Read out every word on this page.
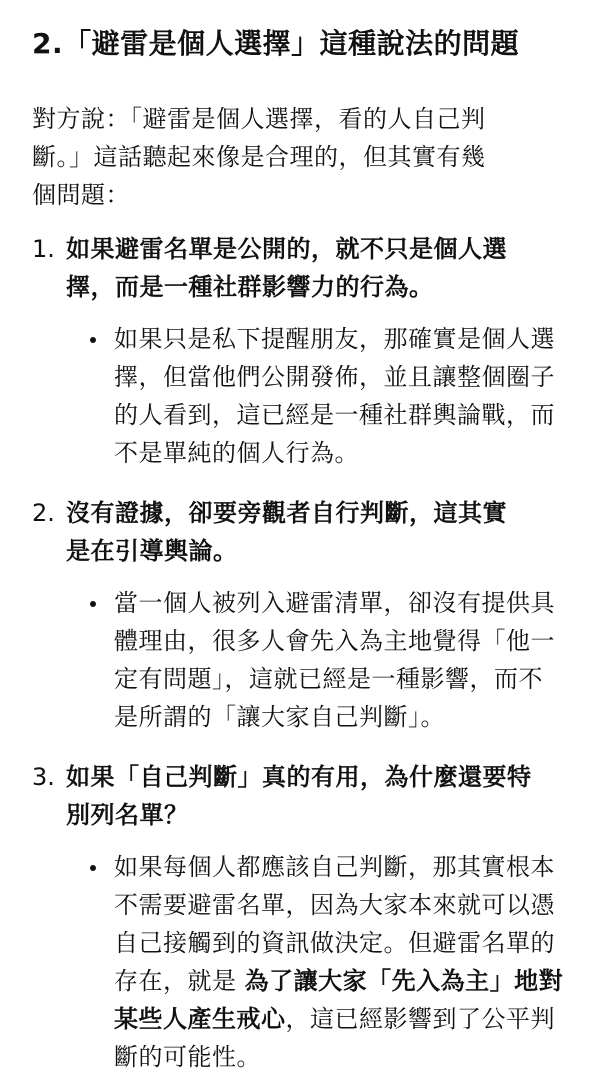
2.「避雷是個人選擇」這種說法的問題

對方說：「避雷是個人選擇，看的人自己判
斷。」這話聽起來像是合理的，但其實有幾
個問題：

1. 如果避雷名單是公開的，就不只是個人選
擇，而是一種社群影響力的行為。
如果只是私下提醒朋友，那確實是個人選
擇，但當他們公開發佈，並且讓整個圈子
的人看到，這已經是一種社群輿論戰，而
不是單純的個人行為。
2. 沒有證據，卻要旁觀者自行判斷，這其實
是在引導輿論。
當一個人被列入避雷清單，卻沒有提供具
體理由，很多人會先入為主地覺得「他一
定有問題」，這就已經是一種影響，而不
是所謂的「讓大家自己判斷」。
3. 如果「自己判斷」真的有用，為什麼還要特
別列名單？
如果每個人都應該自己判斷，那其實根本
不需要避雷名單，因為大家本來就可以憑
自己接觸到的資訊做決定。但避雷名單的
存在，就是 為了讓大家「先入為主」地對
某些人產生戒心，這已經影響到了公平判
斷的可能性。
